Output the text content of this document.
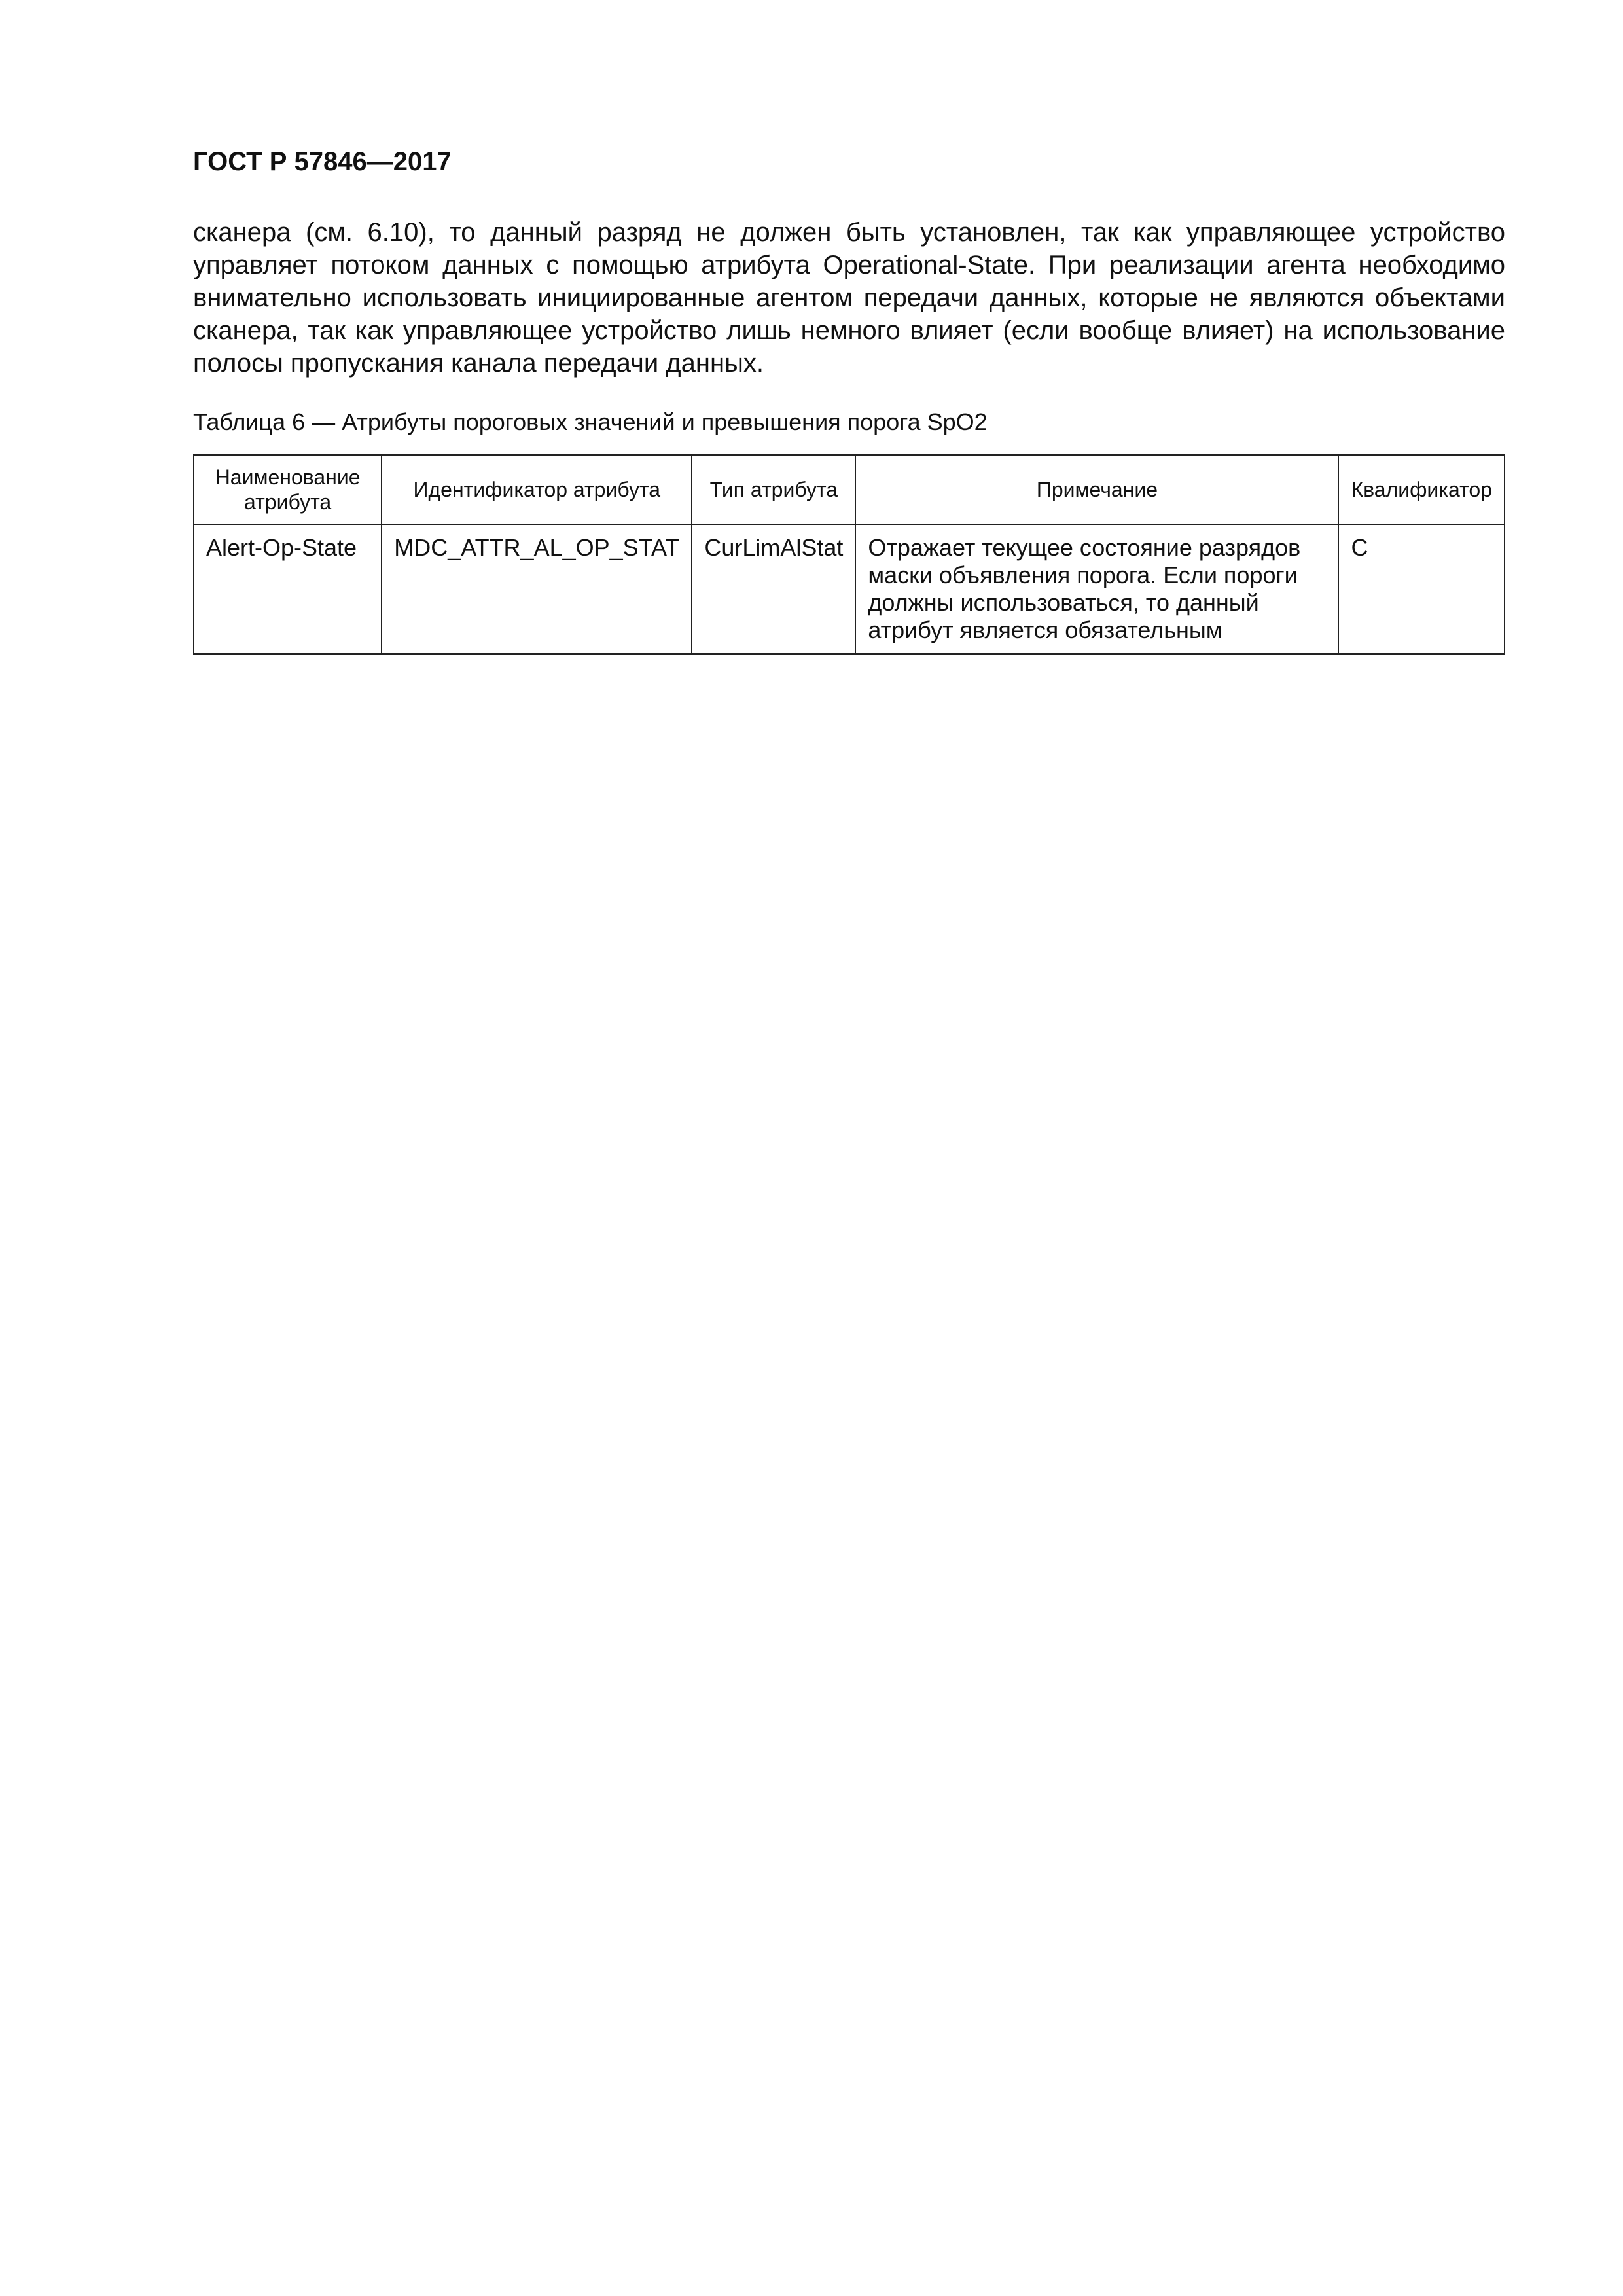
ГОСТ Р 57846—2017

сканера (см. 6.10), то данный разряд не должен быть установлен, так как управляющее устройство управляет потоком данных с помощью атрибута Operational-State. При реализации агента необходимо внимательно использовать инициированные агентом передачи данных, которые не являются объектами сканера, так как управляющее устройство лишь немного влияет (если вообще влияет) на использование полосы пропускания канала передачи данных.

Таблица 6 — Атрибуты пороговых значений и превышения порога SpO2
Наименование атрибута	Идентификатор атрибута	Тип атрибута	Примечание	Квалификатор
Alert-Op-State	MDC_ATTR_AL_OP_STAT	CurLimAlStat	Отражает текущее состояние разрядов маски объявления порога. Если пороги должны использоваться, то данный атрибут является обязательным	C
